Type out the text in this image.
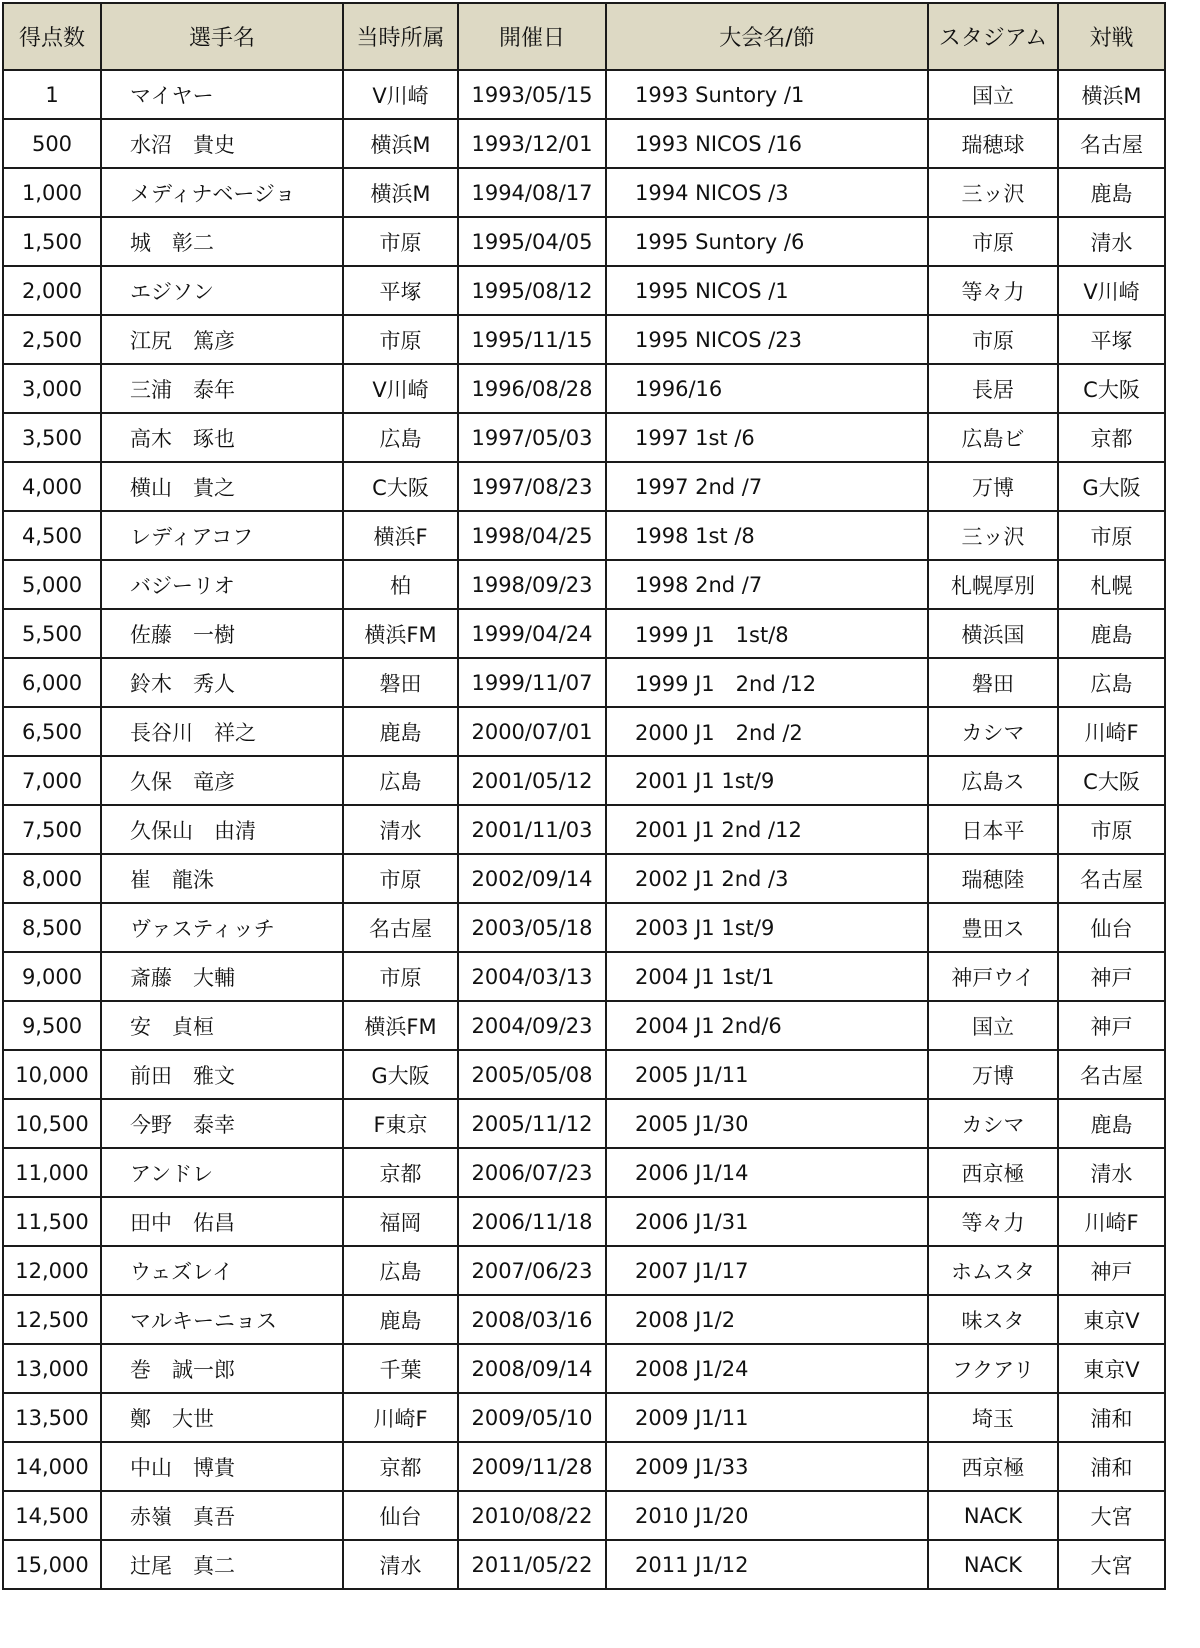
得点数	選手名	当時所属	開催日	大会名/節	スタジアム	対戦
1	マイヤー	V川崎	1993/05/15	1993 Suntory /1	国立	横浜M
500	水沼　貴史	横浜M	1993/12/01	1993 NICOS /16	瑞穂球	名古屋
1,000	メディナベージョ	横浜M	1994/08/17	1994 NICOS /3	三ッ沢	鹿島
1,500	城　彰二	市原	1995/04/05	1995 Suntory /6	市原	清水
2,000	エジソン	平塚	1995/08/12	1995 NICOS /1	等々力	V川崎
2,500	江尻　篤彦	市原	1995/11/15	1995 NICOS /23	市原	平塚
3,000	三浦　泰年	V川崎	1996/08/28	1996/16	長居	C大阪
3,500	高木　琢也	広島	1997/05/03	1997 1st /6	広島ビ	京都
4,000	横山　貴之	C大阪	1997/08/23	1997 2nd /7	万博	G大阪
4,500	レディアコフ	横浜F	1998/04/25	1998 1st /8	三ッ沢	市原
5,000	バジーリオ	柏	1998/09/23	1998 2nd /7	札幌厚別	札幌
5,500	佐藤　一樹	横浜FM	1999/04/24	1999 J1　1st/8	横浜国	鹿島
6,000	鈴木　秀人	磐田	1999/11/07	1999 J1　2nd /12	磐田	広島
6,500	長谷川　祥之	鹿島	2000/07/01	2000 J1　2nd /2	カシマ	川崎F
7,000	久保　竜彦	広島	2001/05/12	2001 J1 1st/9	広島ス	C大阪
7,500	久保山　由清	清水	2001/11/03	2001 J1 2nd /12	日本平	市原
8,000	崔　龍洙	市原	2002/09/14	2002 J1 2nd /3	瑞穂陸	名古屋
8,500	ヴァスティッチ	名古屋	2003/05/18	2003 J1 1st/9	豊田ス	仙台
9,000	斎藤　大輔	市原	2004/03/13	2004 J1 1st/1	神戸ウイ	神戸
9,500	安　貞桓	横浜FM	2004/09/23	2004 J1 2nd/6	国立	神戸
10,000	前田　雅文	G大阪	2005/05/08	2005 J1/11	万博	名古屋
10,500	今野　泰幸	F東京	2005/11/12	2005 J1/30	カシマ	鹿島
11,000	アンドレ	京都	2006/07/23	2006 J1/14	西京極	清水
11,500	田中　佑昌	福岡	2006/11/18	2006 J1/31	等々力	川崎F
12,000	ウェズレイ	広島	2007/06/23	2007 J1/17	ホムスタ	神戸
12,500	マルキーニョス	鹿島	2008/03/16	2008 J1/2	味スタ	東京V
13,000	巻　誠一郎	千葉	2008/09/14	2008 J1/24	フクアリ	東京V
13,500	鄭　大世	川崎F	2009/05/10	2009 J1/11	埼玉	浦和
14,000	中山　博貴	京都	2009/11/28	2009 J1/33	西京極	浦和
14,500	赤嶺　真吾	仙台	2010/08/22	2010 J1/20	NACK	大宮
15,000	辻尾　真二	清水	2011/05/22	2011 J1/12	NACK	大宮
